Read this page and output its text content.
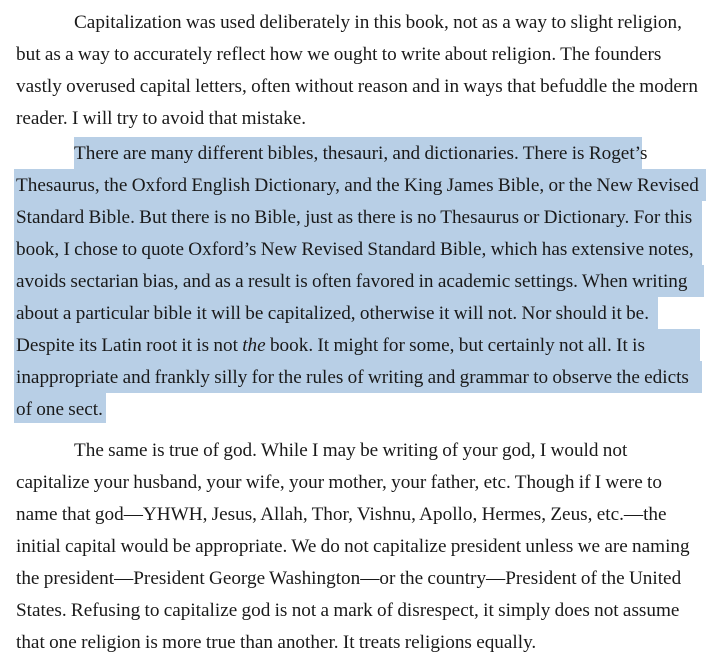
Capitalization was used deliberately in this book, not as a way to slight religion,
but as a way to accurately reflect how we ought to write about religion. The founders
vastly overused capital letters, often without reason and in ways that befuddle the modern
reader. I will try to avoid that mistake.
There are many different bibles, thesauri, and dictionaries. There is Roget’s
Thesaurus, the Oxford English Dictionary, and the King James Bible, or the New Revised
Standard Bible. But there is no Bible, just as there is no Thesaurus or Dictionary. For this
book, I chose to quote Oxford’s New Revised Standard Bible, which has extensive notes,
avoids sectarian bias, and as a result is often favored in academic settings. When writing
about a particular bible it will be capitalized, otherwise it will not. Nor should it be.
Despite its Latin root it is not the book. It might for some, but certainly not all. It is
inappropriate and frankly silly for the rules of writing and grammar to observe the edicts
of one sect.
The same is true of god. While I may be writing of your god, I would not
capitalize your husband, your wife, your mother, your father, etc. Though if I were to
name that god—YHWH, Jesus, Allah, Thor, Vishnu, Apollo, Hermes, Zeus, etc.—the
initial capital would be appropriate. We do not capitalize president unless we are naming
the president—President George Washington—or the country—President of the United
States. Refusing to capitalize god is not a mark of disrespect, it simply does not assume
that one religion is more true than another. It treats religions equally.
